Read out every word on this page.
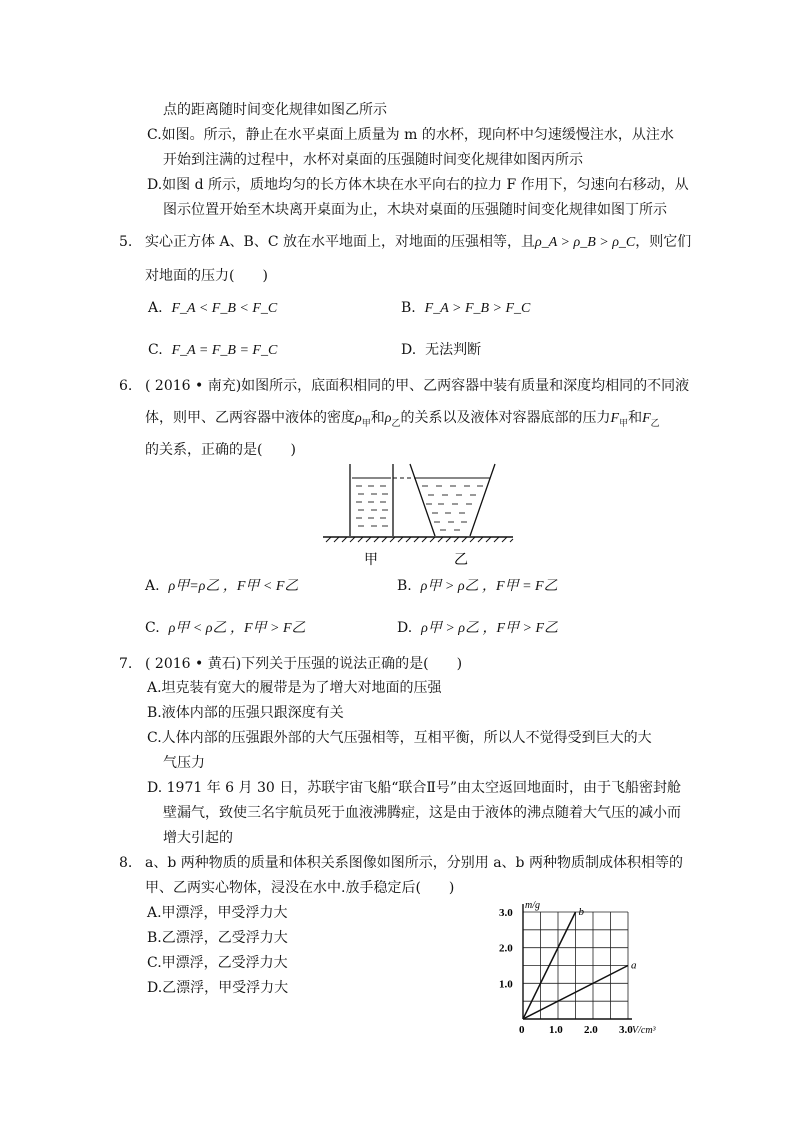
点的距离随时间变化规律如图乙所示
C.如图。所示，静止在水平桌面上质量为 m 的水杯，现向杯中匀速缓慢注水，从注水
开始到注满的过程中，水杯对桌面的压强随时间变化规律如图丙所示
D.如图 d 所示，质地均匀的长方体木块在水平向右的拉力 F 作用下，匀速向右移动，从
图示位置开始至木块离开桌面为止，木块对桌面的压强随时间变化规律如图丁所示
5. 实心正方体 A、B、C 放在水平地面上，对地面的压强相等，且ρ_A > ρ_B > ρ_C，则它们
对地面的压力(　　)
A. F_A < F_B < F_C	B. F_A > F_B > F_C
C. F_A = F_B = F_C	D. 无法判断
6. ( 2016 • 南充)如图所示，底面积相同的甲、乙两容器中装有质量和深度均相同的不同液
体，则甲、乙两容器中液体的密度$\rho_甲$和$\rho_乙$的关系以及液体对容器底部的压力$F_甲$和$F_乙$
的关系，正确的是(　　)
甲	乙
A. ρ甲=ρ乙 ，F甲 < F乙	B. ρ甲 > ρ乙 ，F甲 = F乙
C. ρ甲 < ρ乙 ，F甲 > F乙	D. ρ甲 > ρ乙 ，F甲 > F乙
7. ( 2016 • 黄石)下列关于压强的说法正确的是(　　)
A.坦克装有宽大的履带是为了增大对地面的压强
B.液体内部的压强只跟深度有关
C.人体内部的压强跟外部的大气压强相等，互相平衡，所以人不觉得受到巨大的大
气压力
D. 1971 年 6 月 30 日，苏联宇宙飞船“联合Ⅱ号”由太空返回地面时，由于飞船密封舱
壁漏气，致使三名宇航员死于血液沸腾症，这是由于液体的沸点随着大气压的减小而
增大引起的
8. a、b 两种物质的质量和体积关系图像如图所示，分别用 a、b 两种物质制成体积相等的
甲、乙两实心物体，浸没在水中.放手稳定后(　　)
A.甲漂浮，甲受浮力大
B.乙漂浮，乙受浮力大
C.甲漂浮，乙受浮力大
D.乙漂浮，甲受浮力大
1.0 2.0 3.0
1.0
2.0
3.0
0	V/cm³
m/g
b
a
